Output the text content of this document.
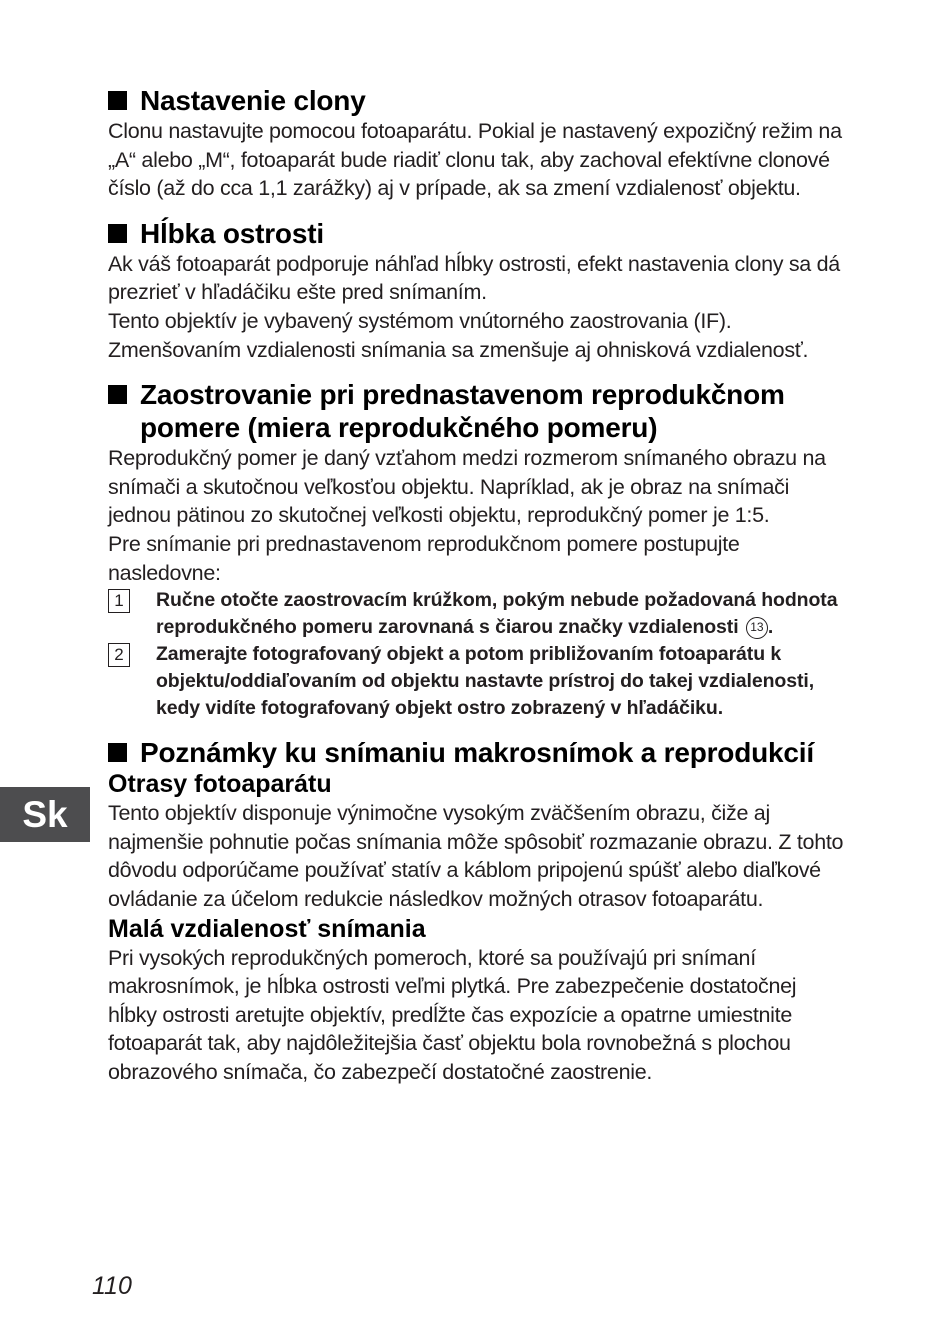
Nastavenie clony

Clonu nastavujte pomocou fotoaparátu. Pokial je nastavený expozičný režim na „A“ alebo „M“, fotoaparát bude riadiť clonu tak, aby zachoval efektívne clonové číslo (až do cca 1,1 zarážky) aj v prípade, ak sa zmení vzdialenosť objektu.

Hĺbka ostrosti

Ak váš fotoaparát podporuje náhľad hĺbky ostrosti, efekt nastavenia clony sa dá prezrieť v hľadáčiku ešte pred snímaním.

Tento objektív je vybavený systémom vnútorného zaostrovania (IF). Zmenšovaním vzdialenosti snímania sa zmenšuje aj ohnisková vzdialenosť.

Zaostrovanie pri prednastavenom reprodukčnom pomere (miera reprodukčného pomeru)

Reprodukčný pomer je daný vzťahom medzi rozmerom snímaného obrazu na snímači a skutočnou veľkosťou objektu. Napríklad, ak je obraz na snímači jednou pätinou zo skutočnej veľkosti objektu, reprodukčný pomer je 1:5.

Pre snímanie pri prednastavenom reprodukčnom pomere postupujte nasledovne:

1	Ručne otočte zaostrovacím krúžkom, pokým nebude požadovaná hodnota reprodukčného pomeru zarovnaná s čiarou značky vzdialenosti 13 .
2	Zamerajte fotografovaný objekt a potom približovaním fotoaparátu k objektu/oddiaľovaním od objektu nastavte prístroj do takej vzdialenosti, kedy vidíte fotografovaný objekt ostro zobrazený v hľadáčiku.
Poznámky ku snímaniu makrosnímok a reprodukcií
Otrasy fotoaparátu

Tento objektív disponuje výnimočne vysokým zväčšením obrazu, čiže aj najmenšie pohnutie počas snímania môže spôsobiť rozmazanie obrazu. Z tohto dôvodu odporúčame používať statív a káblom pripojenú spúšť alebo diaľkové ovládanie za účelom redukcie následkov možných otrasov fotoaparátu.

Malá vzdialenosť snímania

Pri vysokých reprodukčných pomeroch, ktoré sa používajú pri snímaní makrosnímok, je hĺbka ostrosti veľmi plytká. Pre zabezpečenie dostatočnej hĺbky ostrosti aretujte objektív, predĺžte čas expozície a opatrne umiestnite fotoaparát tak, aby najdôležitejšia časť objektu bola rovnobežná s plochou obrazového snímača, čo zabezpečí dostatočné zaostrenie.

Sk
110
